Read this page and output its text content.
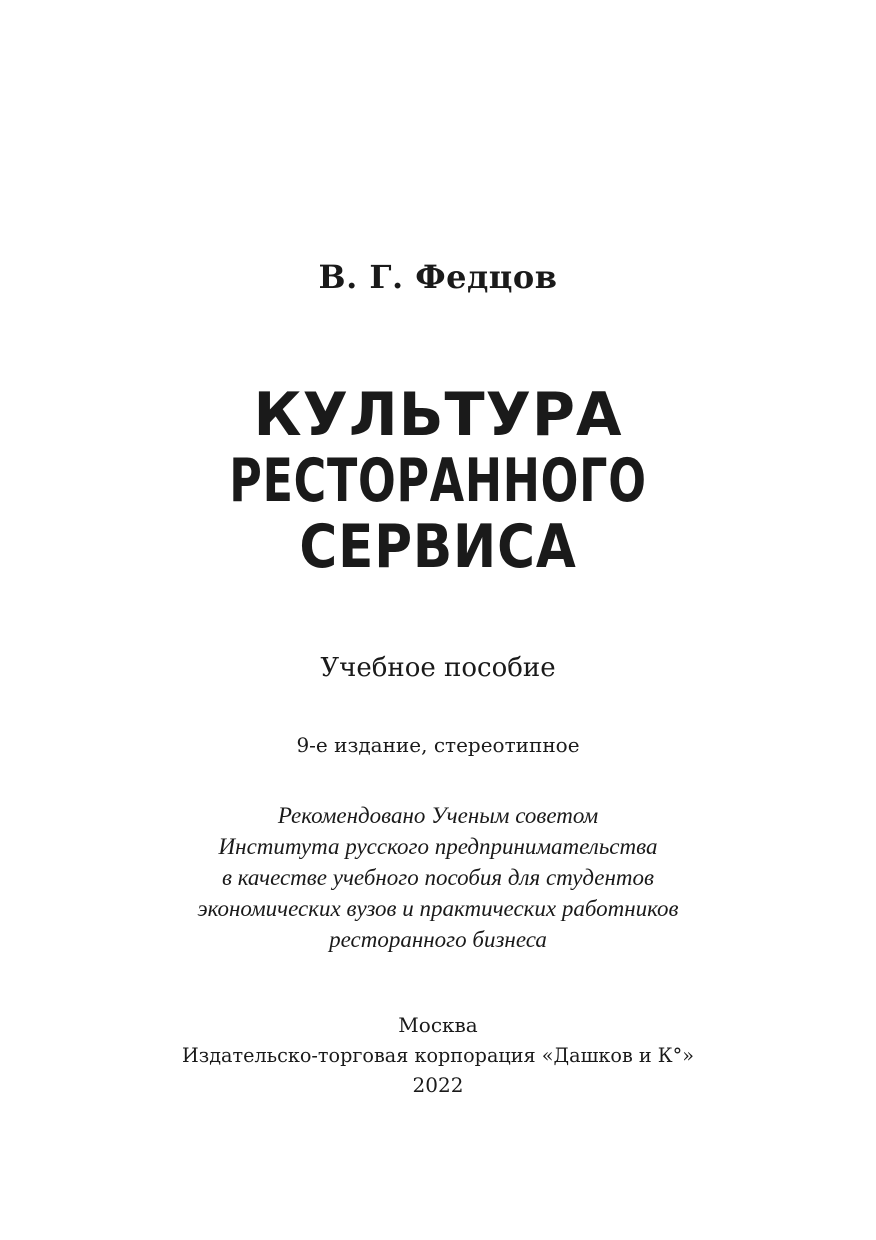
В. Г. Федцов
КУЛЬТУРА
РЕСТОРАННОГО
СЕРВИСА
Учебное пособие
9-е издание, стереотипное
Рекомендовано Ученым советом
Института русского предпринимательства
в качестве учебного пособия для студентов
экономических вузов и практических работников
ресторанного бизнеса
Москва
Издательско-торговая корпорация «Дашков и К°»
2022
